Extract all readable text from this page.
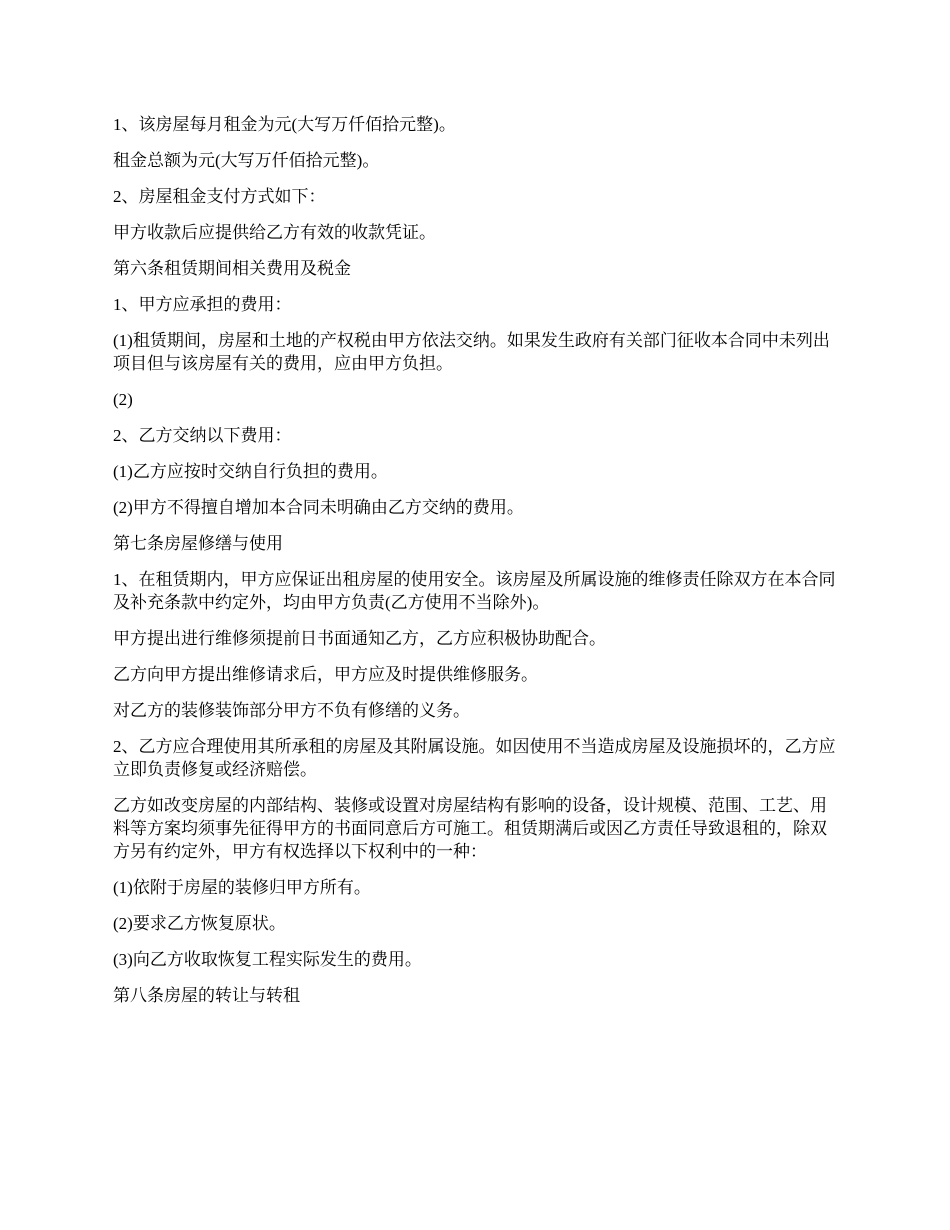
1、该房屋每月租金为元(大写万仟佰拾元整)。

租金总额为元(大写万仟佰拾元整)。

2、房屋租金支付方式如下：

甲方收款后应提供给乙方有效的收款凭证。

第六条租赁期间相关费用及税金

1、甲方应承担的费用：

(1)租赁期间，房屋和土地的产权税由甲方依法交纳。如果发生政府有关部门征收本合同中未列出项目但与该房屋有关的费用，应由甲方负担。

(2)

2、乙方交纳以下费用：

(1)乙方应按时交纳自行负担的费用。

(2)甲方不得擅自增加本合同未明确由乙方交纳的费用。

第七条房屋修缮与使用

1、在租赁期内，甲方应保证出租房屋的使用安全。该房屋及所属设施的维修责任除双方在本合同及补充条款中约定外，均由甲方负责(乙方使用不当除外)。

甲方提出进行维修须提前日书面通知乙方，乙方应积极协助配合。

乙方向甲方提出维修请求后，甲方应及时提供维修服务。

对乙方的装修装饰部分甲方不负有修缮的义务。

2、乙方应合理使用其所承租的房屋及其附属设施。如因使用不当造成房屋及设施损坏的，乙方应立即负责修复或经济赔偿。

乙方如改变房屋的内部结构、装修或设置对房屋结构有影响的设备，设计规模、范围、工艺、用料等方案均须事先征得甲方的书面同意后方可施工。租赁期满后或因乙方责任导致退租的，除双方另有约定外，甲方有权选择以下权利中的一种：

(1)依附于房屋的装修归甲方所有。

(2)要求乙方恢复原状。

(3)向乙方收取恢复工程实际发生的费用。

第八条房屋的转让与转租
